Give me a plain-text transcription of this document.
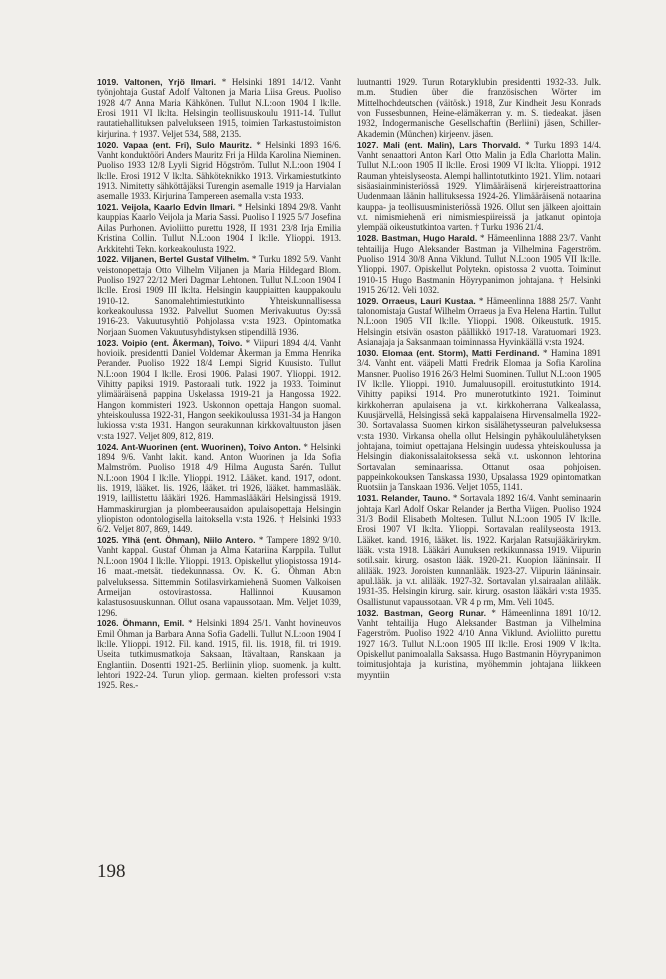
1019. Valtonen, Yrjö Ilmari. * Helsinki 1891 14/12. Vanht työnjohtaja Gustaf Adolf Valtonen ja Maria Liisa Greus. Puoliso 1928 4/7 Anna Maria Kähkönen. Tullut N.L:oon 1904 I lk:lle. Erosi 1911 VI lk:lta. Helsingin teollisuuskoulu 1911-14. Tullut rautatiehallituksen palvelukseen 1915, toimien Tarkastustoimiston kirjurina. † 1937. Veljet 534, 588, 2135.

1020. Vapaa (ent. Fri), Sulo Mauritz. * Helsinki 1893 16/6. Vanht konduktööri Anders Mauritz Fri ja Hilda Karolina Nieminen. Puoliso 1933 12/8 Lyyli Sigrid Högström. Tullut N.L:oon 1904 I lk:lle. Erosi 1912 V lk:lta. Sähköteknikko 1913. Virkamiestutkinto 1913. Nimitetty sähköttäjäksi Turengin asemalle 1919 ja Harvialan asemalle 1933. Kirjurina Tampereen asemalla v:sta 1933.

1021. Veijola, Kaarlo Edvin Ilmari. * Helsinki 1894 29/8. Vanht kauppias Kaarlo Veijola ja Maria Sassi. Puoliso I 1925 5/7 Josefina Ailas Purhonen. Avioliitto purettu 1928, II 1931 23/8 Irja Emilia Kristina Collin. Tullut N.L:oon 1904 I lk:lle. Ylioppi. 1913. Arkkitehti Tekn. korkeakoulusta 1922.

1022. Viljanen, Bertel Gustaf Vilhelm. * Turku 1892 5/9. Vanht veistonopettaja Otto Vilhelm Viljanen ja Maria Hildegard Blom. Puoliso 1927 22/12 Meri Dagmar Lehtonen. Tullut N.L:oon 1904 I lk:lle. Erosi 1909 III lk:lta. Helsingin kauppiaitten kauppakoulu 1910-12. Sanomalehtimiestutkinto Yhteiskunnallisessa korkeakoulussa 1932. Palvellut Suomen Merivakuutus Oy:ssä 1916-23. Vakuutusyhtiö Pohjolassa v:sta 1923. Opintomatka Norjaan Suomen Vakuutusyhdistyksen stipendillä 1936.

1023. Voipio (ent. Åkerman), Toivo. * Viipuri 1894 4/4. Vanht hovioik. presidentti Daniel Voldemar Åkerman ja Emma Henrika Perander. Puoliso 1922 18/4 Lempi Sigrid Kuusisto. Tullut N.L:oon 1904 I lk:lle. Erosi 1906. Palasi 1907. Ylioppi. 1912. Vihitty papiksi 1919. Pastoraali tutk. 1922 ja 1933. Toiminut ylimääräisenä pappina Uskelassa 1919-21 ja Hangossa 1922. Hangon kommisteri 1923. Uskonnon opettaja Hangon suomal. yhteiskoulussa 1922-31, Hangon seekikoulussa 1931-34 ja Hangon lukiossa v:sta 1931. Hangon seurakunnan kirkkovaltuuston jäsen v:sta 1927. Veljet 809, 812, 819.

1024. Ant-Wuorinen (ent. Wuorinen), Toivo Anton. * Helsinki 1894 9/6. Vanht lakit. kand. Anton Wuorinen ja Ida Sofia Malmström. Puoliso 1918 4/9 Hilma Augusta Sarén. Tullut N.L:oon 1904 I lk:lle. Ylioppi. 1912. Lääket. kand. 1917, odont. lis. 1919, lääket. lis. 1926, lääket. tri 1926, lääket. hammaslääk. 1919, laillistettu lääkäri 1926. Hammaslääkäri Helsingissä 1919. Hammaskirurgian ja plombeerausaidon apulaisopettaja Helsingin yliopiston odontologisella laitoksella v:sta 1926. † Helsinki 1933 6/2. Veljet 807, 869, 1449.

1025. Ylhä (ent. Öhman), Niilo Antero. * Tampere 1892 9/10. Vanht kappal. Gustaf Öhman ja Alma Katariina Karppila. Tullut N.L:oon 1904 I lk:lle. Ylioppi. 1913. Opiskellut yliopistossa 1914-16 maat.-metsät. tiedekunnassa. Ov. K. G. Öhman Ab:n palveluksessa. Sittemmin Sotilasvirkamiehenä Suomen Valkoisen Armeijan ostovirastossa. Hallinnoi Kuusamon kalastusosuuskunnan. Ollut osana vapaussotaan. Mm. Veljet 1039, 1296.

1026. Öhmann, Emil. * Helsinki 1894 25/1. Vanht hovineuvos Emil Öhman ja Barbara Anna Sofia Gadelli. Tullut N.L:oon 1904 I lk:lle. Ylioppi. 1912. Fil. kand. 1915, fil. lis. 1918, fil. tri 1919. Useita tutkimusmatkoja Saksaan, Itävaltaan, Ranskaan ja Englantiin. Dosentti 1921-25. Berliinin yliop. suomenk. ja kultt. lehtori 1922-24. Turun yliop. germaan. kielten professori v:sta 1925. Res.-

luutnantti 1929. Turun Rotaryklubin presidentti 1932-33. Julk. m.m. Studien über die französischen Wörter im Mittelhochdeutschen (väitösk.) 1918, Zur Kindheit Jesu Konrads von Fussesbunnen, Heine-elämäkerran y. m. S. tiedeakat. jäsen 1932, Indogermanische Gesellschaftin (Berliini) jäsen, Schiller-Akademin (München) kirjeenv. jäsen.

1027. Mali (ent. Malin), Lars Thorvald. * Turku 1893 14/4. Vanht senaattori Anton Karl Otto Malin ja Edla Charlotta Malin. Tullut N.L:oon 1905 II lk:lle. Erosi 1909 VI lk:lta. Ylioppi. 1912 Rauman yhteislyseosta. Alempi hallintotutkinto 1921. Ylim. notaari sisäasiainministeriössä 1929. Ylimääräisenä kirjereistraattorina Uudenmaan läänin hallituksessa 1924-26. Ylimääräisenä notaarina kauppa- ja teollisuusministeriössä 1926. Ollut sen jälkeen ajoittain v.t. nimismiehenä eri nimismiespiireissä ja jatkanut opintoja ylempää oikeustutkintoa varten. † Turku 1936 21/4.

1028. Bastman, Hugo Harald. * Hämeenlinna 1888 23/7. Vanht tehtailija Hugo Aleksander Bastman ja Vilhelmina Fagerström. Puoliso 1914 30/8 Anna Viklund. Tullut N.L:oon 1905 VII lk:lle. Ylioppi. 1907. Opiskellut Polytekn. opistossa 2 vuotta. Toiminut 1910-15 Hugo Bastmanin Höyrypanimon johtajana. † Helsinki 1915 26/12. Veli 1032.

1029. Orraeus, Lauri Kustaa. * Hämeenlinna 1888 25/7. Vanht talonomistaja Gustaf Wilhelm Orraeus ja Eva Helena Hartin. Tullut N.L:oon 1905 VII lk:lle. Ylioppi. 1908. Oikeustutk. 1915. Helsingin etsivän osaston päällikkö 1917-18. Varatuomari 1923. Asianajaja ja Saksanmaan toiminnassa Hyvinkäällä v:sta 1924.

1030. Elomaa (ent. Storm), Matti Ferdinand. * Hamina 1891 3/4. Vanht ent. vääpeli Matti Fredrik Elomaa ja Sofia Karolina Mansner. Puoliso 1916 26/3 Helmi Suominen. Tullut N.L:oon 1905 IV lk:lle. Ylioppi. 1910. Jumaluusopill. eroitustutkinto 1914. Vihitty papiksi 1914. Pro munerotutkinto 1921. Toiminut kirkkoherran apulaisena ja v.t. kirkkoherrana Valkealassa, Kuusjärvellä, Helsingissä sekä kappalaisena Hirvensalmella 1922-30. Sortavalassa Suomen kirkon sisälähetysseuran palveluksessa v:sta 1930. Virkansa ohella ollut Helsingin pyhäkoululähetyksen johtajana, toimiut opettajana Helsingin uudessa yhteiskoulussa ja Helsingin diakonissalaitoksessa sekä v.t. uskonnon lehtorina Sortavalan seminaarissa. Ottanut osaa pohjoisen. pappeinkokouksen Tanskassa 1930, Upsalassa 1929 opintomatkan Ruotsiin ja Tanskaan 1936. Veljet 1055, 1141.

1031. Relander, Tauno. * Sortavala 1892 16/4. Vanht seminaarin johtaja Karl Adolf Oskar Relander ja Bertha Viigen. Puoliso 1924 31/3 Bodil Elisabeth Moltesen. Tullut N.L:oon 1905 IV lk:lle. Erosi 1907 VI lk:lta. Ylioppi. Sortavalan realilyseosta 1913. Lääket. kand. 1916, lääket. lis. 1922. Karjalan Ratsujääkärirykm. lääk. v:sta 1918. Lääkäri Aunuksen retkikunnassa 1919. Viipurin sotil.sair. kirurg. osaston lääk. 1920-21. Kuopion lääninsair. II alilääk. 1923. Joroisten kunnanlääk. 1923-27. Viipurin lääninsair. apul.lääk. ja v.t. alilääk. 1927-32. Sortavalan yl.sairaalan alilääk. 1931-35. Helsingin kirurg. sair. kirurg. osaston lääkäri v:sta 1935. Osallistunut vapaussotaan. VR 4 p rm, Mm. Veli 1045.

1032. Bastman, Georg Runar. * Hämeenlinna 1891 10/12. Vanht tehtailija Hugo Aleksander Bastman ja Vilhelmina Fagerström. Puoliso 1922 4/10 Anna Viklund. Avioliitto purettu 1927 16/3. Tullut N.L:oon 1905 III lk:lle. Erosi 1909 V lk:lta. Opiskellut panimoalalla Saksassa. Hugo Bastmanin Höyrypanimon toimitusjohtaja ja kuristina, myöhemmin johtajana liikkeen myyntiin

198
